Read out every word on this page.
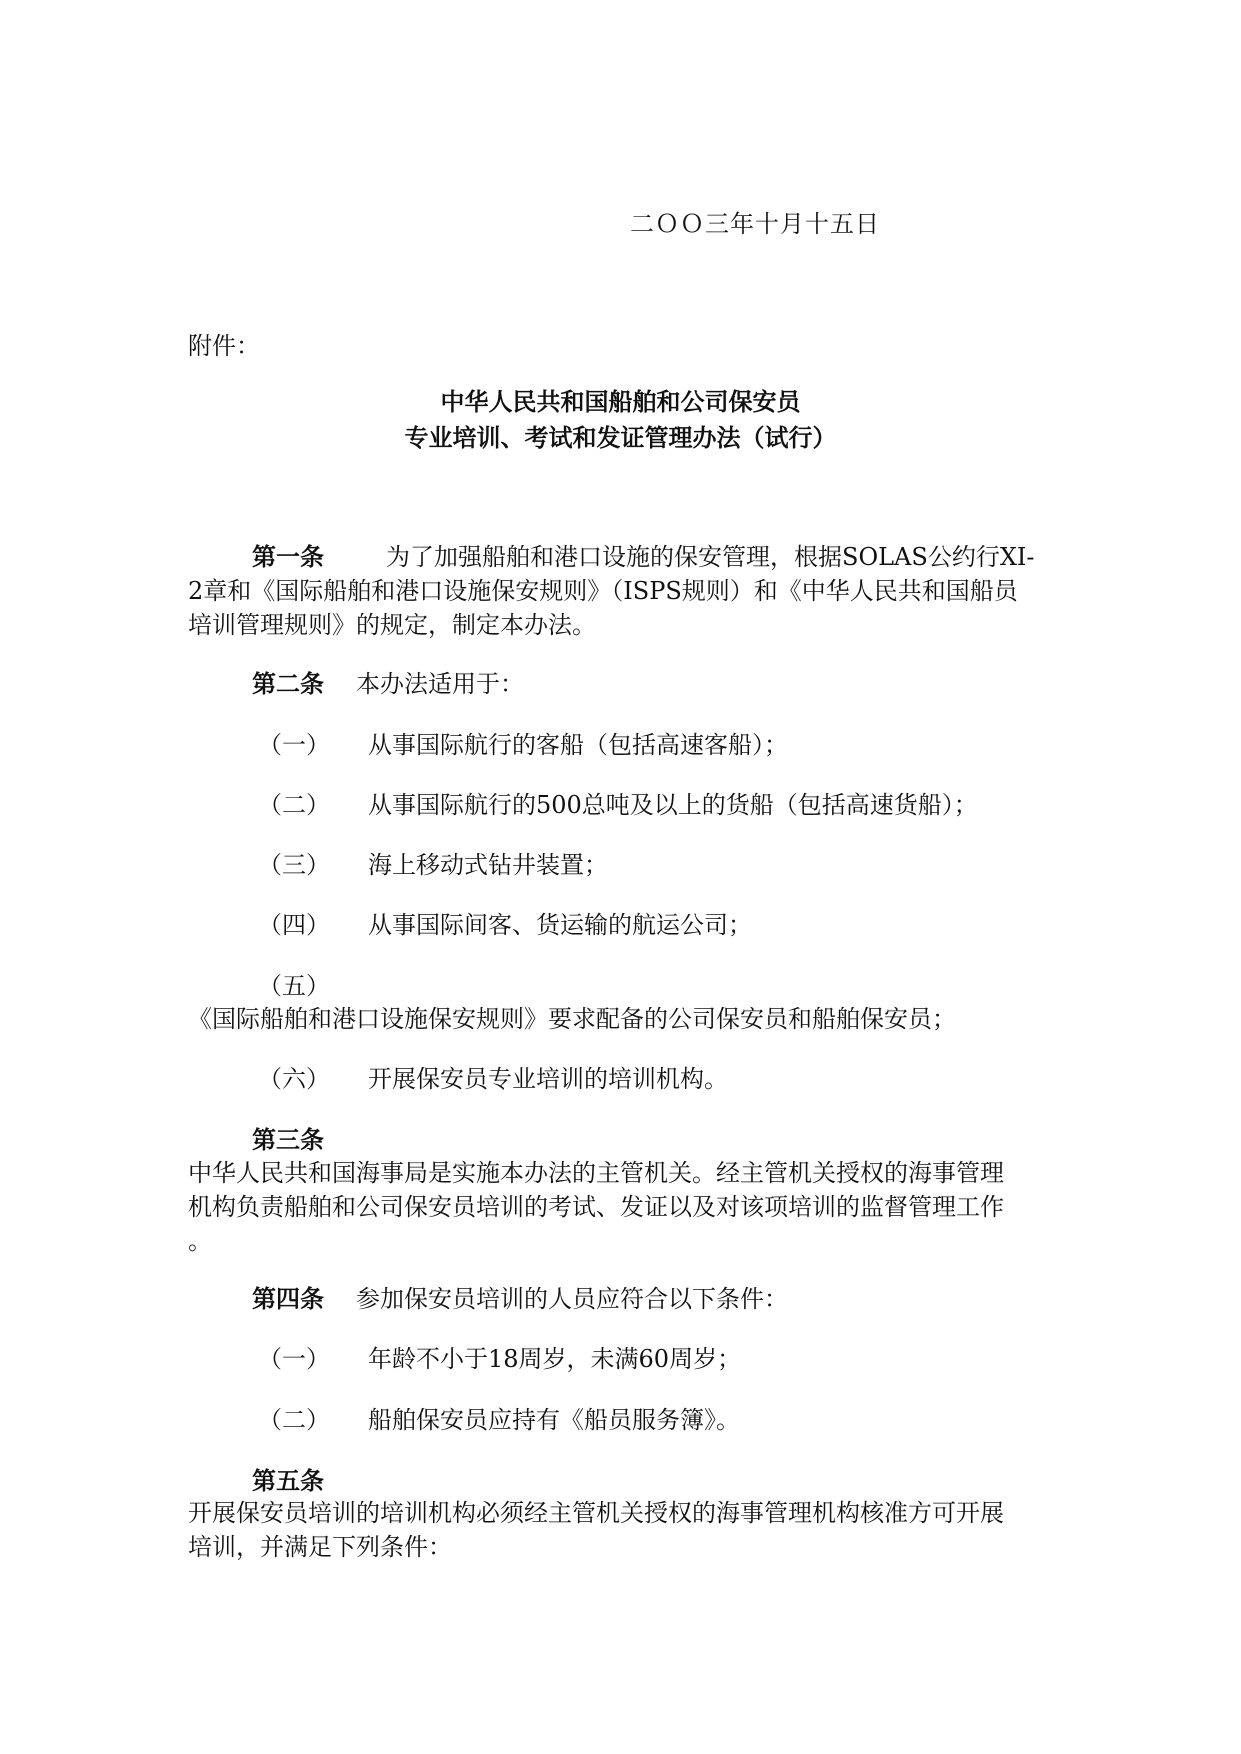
二ＯＯ三年十月十五日
附件：
中华人民共和国船舶和公司保安员
专业培训、考试和发证管理办法（试行）
第一条	为了加强船舶和港口设施的保安管理，根据SOLAS公约行XI-
2章和《国际船舶和港口设施保安规则》（ISPS规则）和《中华人民共和国船员
培训管理规则》的规定，制定本办法。
第二条 本办法适用于：
（一） 从事国际航行的客船（包括高速客船）；
（二） 从事国际航行的500总吨及以上的货船（包括高速货船）；
（三） 海上移动式钻井装置；
（四） 从事国际间客、货运输的航运公司；
（五）
《国际船舶和港口设施保安规则》要求配备的公司保安员和船舶保安员；
（六） 开展保安员专业培训的培训机构。
第三条
中华人民共和国海事局是实施本办法的主管机关。经主管机关授权的海事管理
机构负责船舶和公司保安员培训的考试、发证以及对该项培训的监督管理工作
。
第四条 参加保安员培训的人员应符合以下条件：
（一） 年龄不小于18周岁，未满60周岁；
（二） 船舶保安员应持有《船员服务簿》。
第五条
开展保安员培训的培训机构必须经主管机关授权的海事管理机构核准方可开展
培训，并满足下列条件：
